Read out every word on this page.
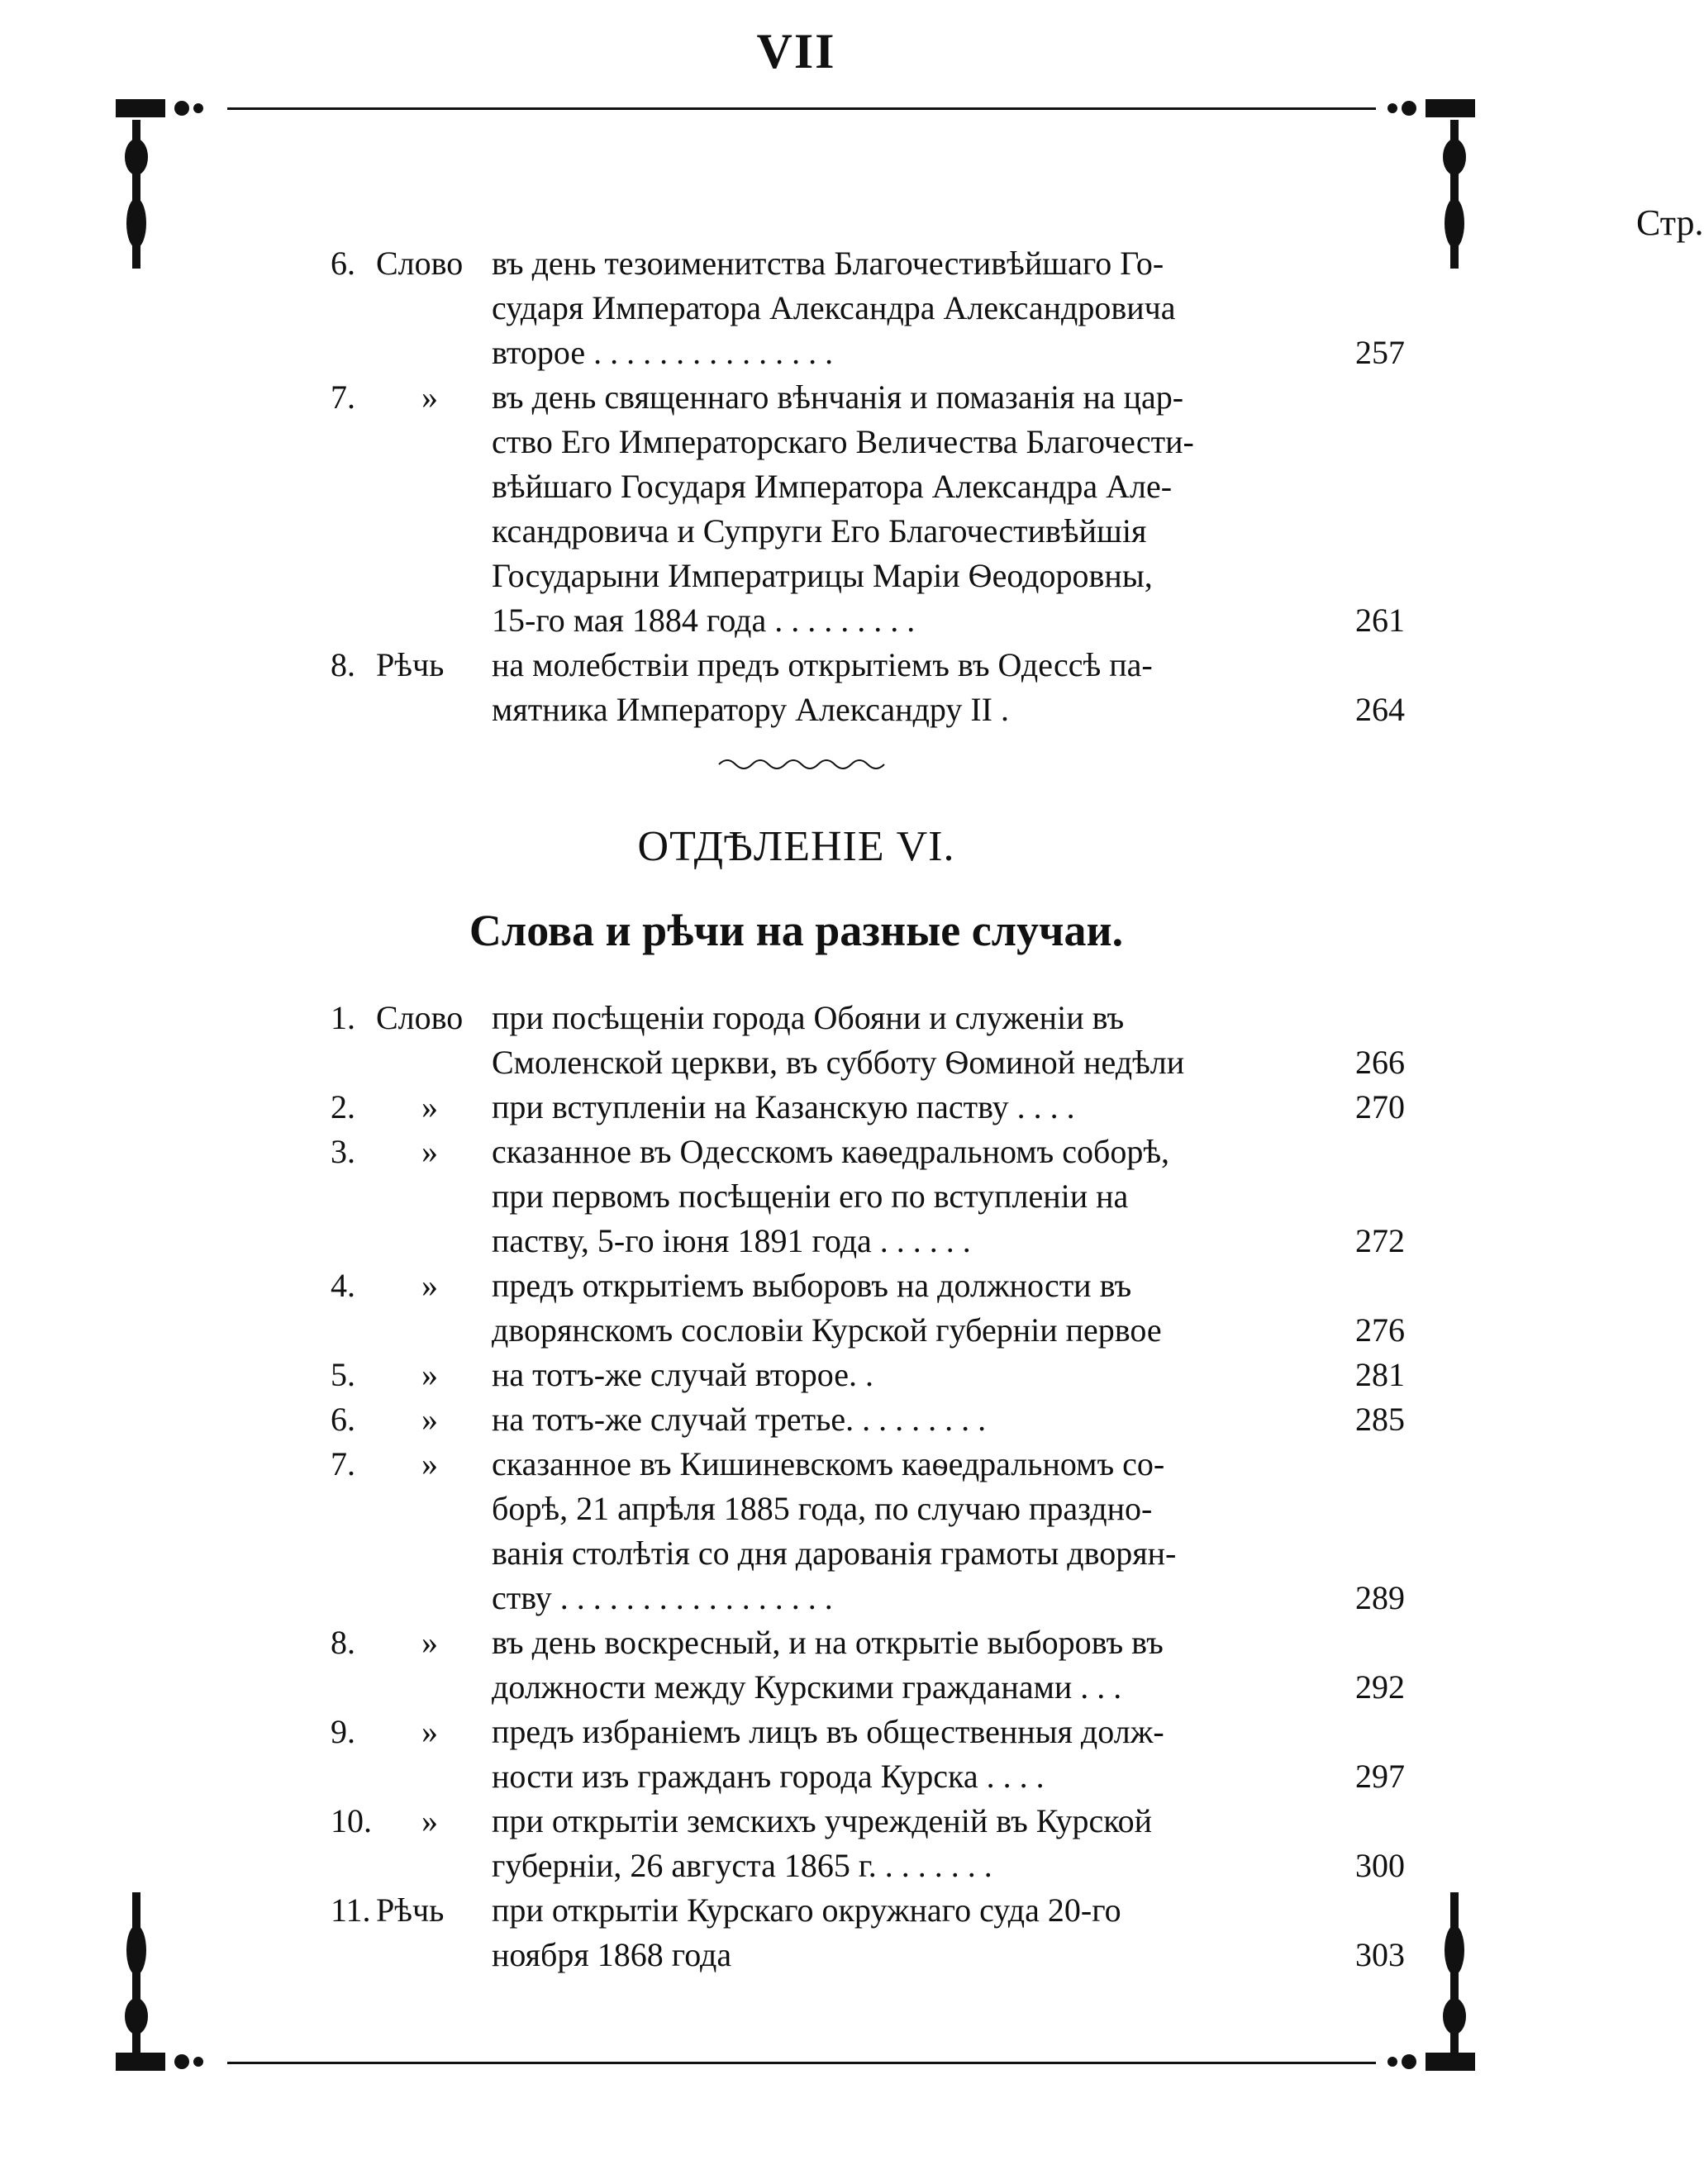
VII
Стр.
6. Слово въ день тезоименитства Благочестивѣйшаго Го-
сударя Императора Александра Александровича
второе . . . . . . . . . . . . . . .	257
7.	» въ день священнаго вѣнчанія и помазанія на цар-
ство Его Императорскаго Величества Благочести-
вѣйшаго Государя Императора Александра Але-
ксандровича и Супруги Его Благочестивѣйшія
Государыни Императрицы Маріи Ѳеодоровны,
15-го мая 1884 года . . . . . . . . .	261
8. Рѣчь на молебствіи предъ открытіемъ въ Одессѣ па-
мятника Императору Александру II .	264
1. Слово при посѣщеніи города Обояни и служеніи въ
Смоленской церкви, въ субботу Ѳоминой недѣли	266
2.	» при вступленіи на Казанскую паству . . . .	270
3.	» сказанное въ Одесскомъ каѳедральномъ соборѣ,
при первомъ посѣщеніи его по вступленіи на
паству, 5-го іюня 1891 года . . . . . .	272
4.	» предъ открытіемъ выборовъ на должности въ
дворянскомъ сословіи Курской губерніи первое	276
5.	» на тотъ-же случай второе. .	281
6.	» на тотъ-же случай третье. . . . . . . . .	285
7.	» сказанное въ Кишиневскомъ каѳедральномъ со-
борѣ, 21 апрѣля 1885 года, по случаю праздно-
ванія столѣтія со дня дарованія грамоты дворян-
ству . . . . . . . . . . . . . . . . .	289
8.	» въ день воскресный, и на открытіе выборовъ въ
должности между Курскими гражданами . . .	292
9.	» предъ избраніемъ лицъ въ общественныя долж-
ности изъ гражданъ города Курска . . . .	297
10.	» при открытіи земскихъ учрежденій въ Курской
губерніи, 26 августа 1865 г. . . . . . . .	300
11. Рѣчь при открытіи Курскаго окружнаго суда 20-го
ноября 1868 года	303
ОТДѢЛЕНІЕ VI.
Слова и рѣчи на разные случаи.
